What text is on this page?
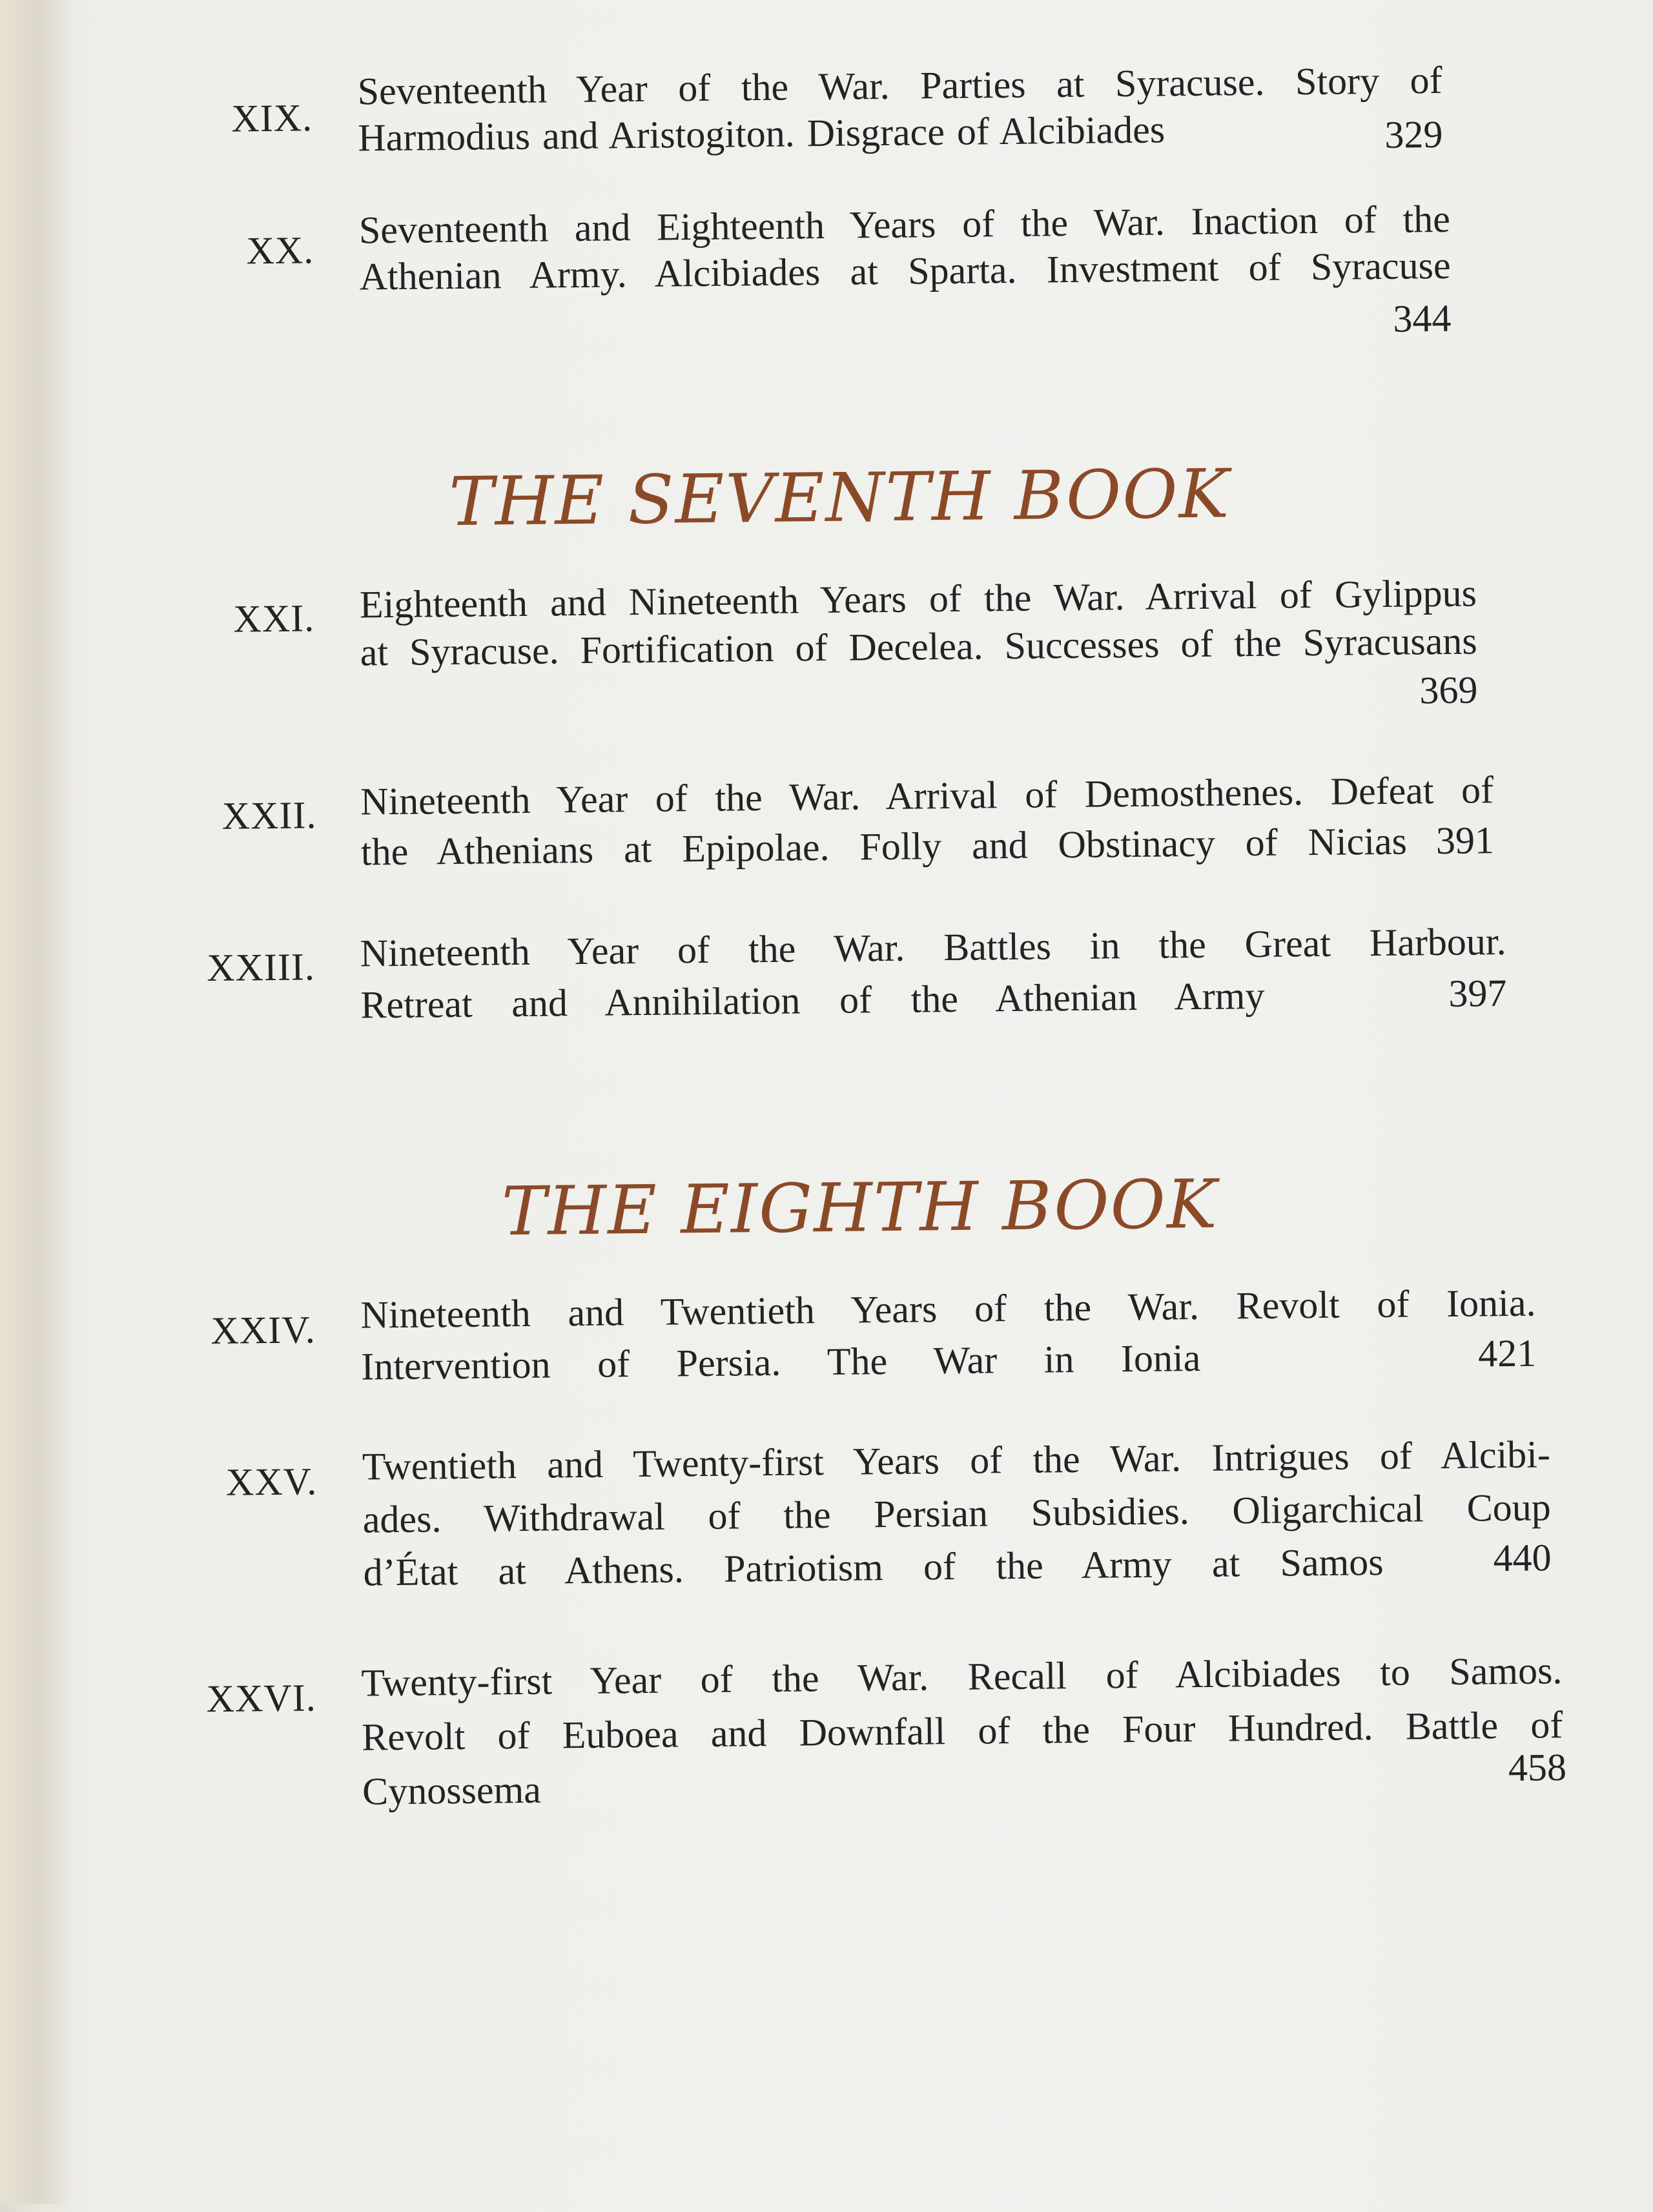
XIX.
Seventeenth Year of the War. Parties at Syracuse. Story of
Harmodius and Aristogiton. Disgrace of Alcibiades	329
XX. Seventeenth and Eighteenth Years of the War. Inaction of the
Athenian Army. Alcibiades at Sparta. Investment of Syracuse
344
THE SEVENTH BOOK
XXI. Eighteenth and Nineteenth Years of the War. Arrival of Gylippus
at Syracuse. Fortification of Decelea. Successes of the Syracusans
369
XXII. Nineteenth Year of the War. Arrival of Demosthenes. Defeat of
the Athenians at Epipolae. Folly and Obstinacy of Nicias 391
XXIII. Nineteenth Year of the War. Battles in the Great Harbour.
Retreat and Annihilation of the Athenian Army	397
THE EIGHTH BOOK
XXIV. Nineteenth and Twentieth Years of the War. Revolt of Ionia.
Intervention of Persia. The War in Ionia	421
XXV. Twentieth and Twenty-first Years of the War. Intrigues of Alcibi-
ades. Withdrawal of the Persian Subsidies. Oligarchical Coup
d’État at Athens. Patriotism of the Army at Samos	440
XXVI. Twenty-first Year of the War. Recall of Alcibiades to Samos.
Revolt of Euboea and Downfall of the Four Hundred. Battle of
Cynossema
458
